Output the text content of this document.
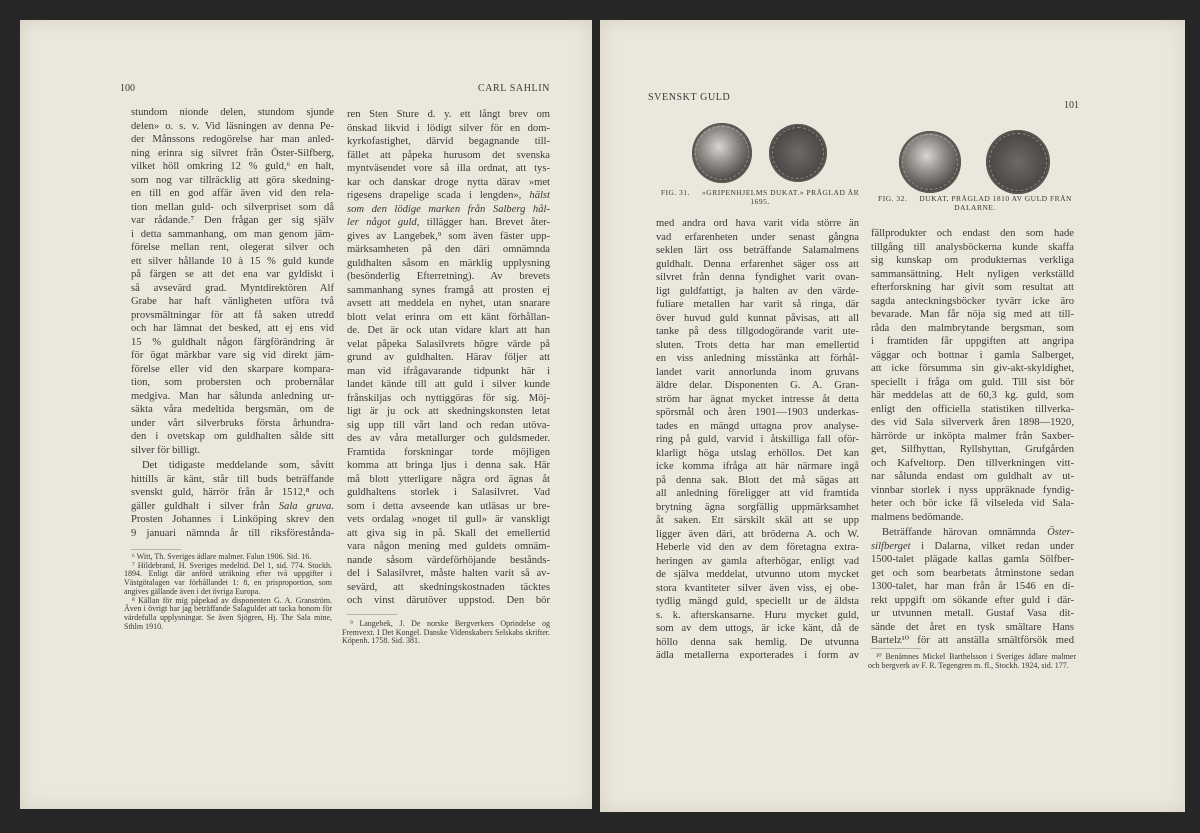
100	CARL SAHLIN
stundom nionde delen, stundom sjunde
delen» o. s. v. Vid läsningen av denna Pe-
der Månssons redogörelse har man anled-
ning erinra sig silvret från Öster-Silfberg,
vilket höll omkring 12 % guld,⁶ en halt,
som nog var tillräcklig att göra skedning-
en till en god affär även vid den rela-
tion mellan guld- och silverpriset som då
var rådande.⁷ Den frågan ger sig själv
i detta sammanhang, om man genom jäm-
förelse mellan rent, olegerat silver och
ett silver hållande 10 à 15 % guld kunde
på färgen se att det ena var gyldiskt i
så avsevärd grad. Myntdirektören Alf
Grabe har haft vänligheten utföra två
provsmältningar för att få saken utredd
och har lämnat det besked, att ej ens vid
15 % guldhalt någon färgförändring är
för ögat märkbar vare sig vid direkt jäm-
förelse eller vid den skarpare kompara-
tion, som probersten och probernålar
medgiva. Man har sålunda anledning ur-
säkta våra medeltida bergsmän, om de
under vårt silverbruks första århundra-
den i ovetskap om guldhalten sålde sitt
silver för billigt.
Det tidigaste meddelande som, såvitt
hittills är känt, står till buds beträffande
svenskt guld, härrör från år 1512,⁸ och
gäller guldhalt i silver från Sala gruva.
Prosten Johannes i Linköping skrev den
9 januari nämnda år till riksförestånda-

⁶ Witt, Th. Sveriges ädlare malmer. Falun 1906. Sid. 16.

⁷ Hildebrand, H. Sveriges medeltid. Del 1, sid. 774. Stockh. 1894. Enligt där anförd uträkning efter två uppgifter i Västgötalagen var förhållandet 1: 8, en prisproportion, som angives gällande även i det övriga Europa.

⁸ Källan för mig påpekad av disponenten G. A. Granström. Även i övrigt har jag beträffande Salaguldet att tacka honom för värdefulla upplysningar. Se även Sjögren, Hj. The Sala mine, Sthlm 1910.

ren Sten Sture d. y. ett långt brev om
önskad likvid i lödigt silver för en dom-
kyrkofastighet, därvid begagnande till-
fället att påpeka hurusom det svenska
myntväsendet vore så illa ordnat, att tys-
kar och danskar droge nytta därav »met
rigesens drapelige scada i lengden», hälst
som den lödige marken från Salberg hål-
ler något guld, tillägger han. Brevet åter-
gives av Langebek,⁹ som även fäster upp-
märksamheten på den däri omnämnda
guldhalten såsom en märklig upplysning
(besönderlig Efterretning). Av brevets
sammanhang synes framgå att prosten ej
avsett att meddela en nyhet, utan snarare
blott velat erinra om ett känt förhållan-
de. Det är ock utan vidare klart att han
velat påpeka Salasilvrets högre värde på
grund av guldhalten. Härav följer att
man vid ifrågavarande tidpunkt här i
landet kände till att guld i silver kunde
frånskiljas och nyttiggöras för sig. Möj-
ligt är ju ock att skedningskonsten letat
sig upp till vårt land och redan utöva-
des av våra metallurger och guldsmeder.
Framtida forskningar torde möjligen
komma att bringa ljus i denna sak. Här
må blott ytterligare några ord ägnas åt
guldhaltens storlek i Salasilvret. Vad
som i detta avseende kan utläsas ur bre-
vets ordalag »noget til gull» är vanskligt
att giva sig in på. Skall det emellertid
vara någon mening med guldets omnäm-
nande såsom värdeförhöjande bestånds-
del i Salasilvret, måste halten varit så av-
sevärd, att skedningskostnaden täcktes
och vinst därutöver uppstod. Den bör

⁹ Langebek, J. De norske Bergverkers Oprindelse og Fremvext. I Det Kongel. Danske Videnskabers Selskabs skrifter. Köpenh. 1758. Sid. 381.

SVENSKT GULD
101
FIG. 31. »GRIPENHJELMS DUKAT.» PRÄGLAD ÅR 1695.	FIG. 32. DUKAT, PRÄGLAD 1810 AV GULD FRÅN DALARNE.
med andra ord hava varit vida större än
vad erfarenheten under senast gångna
seklen lärt oss beträffande Salamalmens
guldhalt. Denna erfarenhet säger oss att
silvret från denna fyndighet varit ovan-
ligt guldfattigt, ja halten av den värde-
fuliare metallen har varit så ringa, där
över huvud guld kunnat påvisas, att all
tanke på dess tillgodogörande varit ute-
sluten. Trots detta har man emellertid
en viss anledning misstänka att förhål-
landet varit annorlunda inom gruvans
äldre delar. Disponenten G. A. Gran-
ström har ägnat mycket intresse åt detta
spörsmål och åren 1901—1903 underkas-
tades en mängd uttagna prov analyse-
ring på guld, varvid i åtskilliga fall oför-
klarligt höga utslag erhöllos. Det kan
icke komma ifråga att här närmare ingå
på denna sak. Blott det må sägas att
all anledning föreligger att vid framtida
brytning ägna sorgfällig uppmärksamhet
åt saken. Ett särskilt skäl att se upp
ligger även däri, att bröderna A. och W.
Heberle vid den av dem företagna extra-
heringen av gamla afterhögar, enligt vad
de själva meddelat, utvunno utom mycket
stora kvantiteter silver även viss, ej obe-
tydlig mängd guld, speciellt ur de äldsta
s. k. afterskansarne. Huru mycket guld,
som av dem uttogs, är icke känt, då de
höllo denna sak hemlig. De utvunna
ädla metallerna exporterades i form av
fällprodukter och endast den som hade
tillgång till analysböckerna kunde skaffa
sig kunskap om produkternas verkliga
sammansättning. Helt nyligen verkställd
efterforskning har givit som resultat att
sagda anteckningsböcker tyvärr icke äro
bevarade. Man får nöja sig med att till-
råda den malmbrytande bergsman, som
i framtiden får uppgiften att angripa
väggar och bottnar i gamla Salberget,
att icke försumma sin giv-akt-skyldighet,
speciellt i fråga om guld. Till sist bör
här meddelas att de 60,3 kg. guld, som
enligt den officiella statistiken tillverka-
des vid Sala silververk åren 1898—1920,
härrörde ur inköpta malmer från Saxber-
get, Silfhyttan, Ryllshyttan, Grufgården
och Kafveltorp. Den tillverkningen vitt-
nar sålunda endast om guldhalt av ut-
vinnbar storlek i nyss uppräknade fyndig-
heter och bör icke få vilseleda vid Sala-
malmens bedömande.
Beträffande härovan omnämnda Öster-
silfberget i Dalarna, vilket redan under
1500-talet plägade kallas gamla Sölfber-
get och som bearbetats åtminstone sedan
1300-talet, har man från år 1546 en di-
rekt uppgift om sökande efter guld i där-
ur utvunnen metall. Gustaf Vasa dit-
sände det året en tysk smältare Hans
Bartelz¹⁰ för att anställa smältförsök med

¹⁰ Benämnes Mickel Barthelsson i Sveriges ädlare malmer och bergverk av F. R. Tegengren m. fl., Stockh. 1924, sid. 177.
